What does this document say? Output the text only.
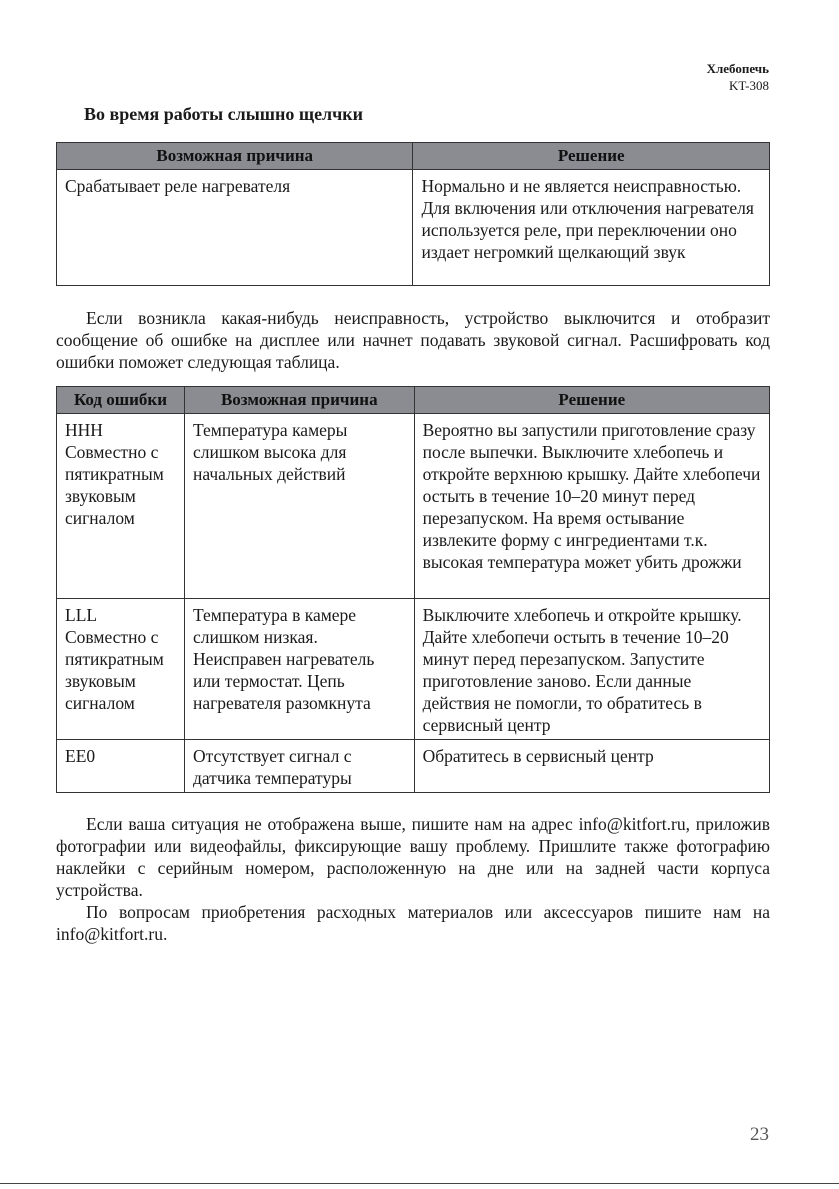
Хлебопечь
KT-308
Во время работы слышно щелчки
Возможная причина	Решение
Срабатывает реле нагревателя	Нормально и не является неисправностью. Для включения или отключения нагревателя используется реле, при переключении оно издает негромкий щелкающий звук

Если возникла какая-нибудь неисправность, устройство выключится и отобразит сообщение об ошибке на дисплее или начнет подавать звуковой сигнал. Расшифровать код ошибки поможет следующая таблица.

Код ошибки	Возможная причина	Решение
HHH Совместно с пятикратным звуковым сигналом	Температура камеры слишком высока для начальных действий	Вероятно вы запустили приготовление сразу после выпечки. Выключите хлебопечь и откройте верхнюю крышку. Дайте хлебопечи остыть в течение 10–20 минут перед перезапуском. На время остывание извлеките форму с ингредиентами т.к. высокая температура может убить дрожжи
LLL Совместно с пятикратным звуковым сигналом	Температура в камере слишком низкая. Неисправен нагреватель или термостат. Цепь нагревателя разомкнута	Выключите хлебопечь и откройте крышку. Дайте хлебопечи остыть в течение 10–20 минут перед перезапуском. Запустите приготовление заново. Если данные действия не помогли, то обратитесь в сервисный центр
EE0	Отсутствует сигнал с датчика температуры	Обратитесь в сервисный центр

Если ваша ситуация не отображена выше, пишите нам на адрес info@kitfort.ru, приложив фотографии или видеофайлы, фиксирующие вашу проблему. Пришлите также фотографию наклейки с серийным номером, расположенную на дне или на задней части корпуса устройства.

По вопросам приобретения расходных материалов или аксессуаров пишите нам на info@kitfort.ru.

23
